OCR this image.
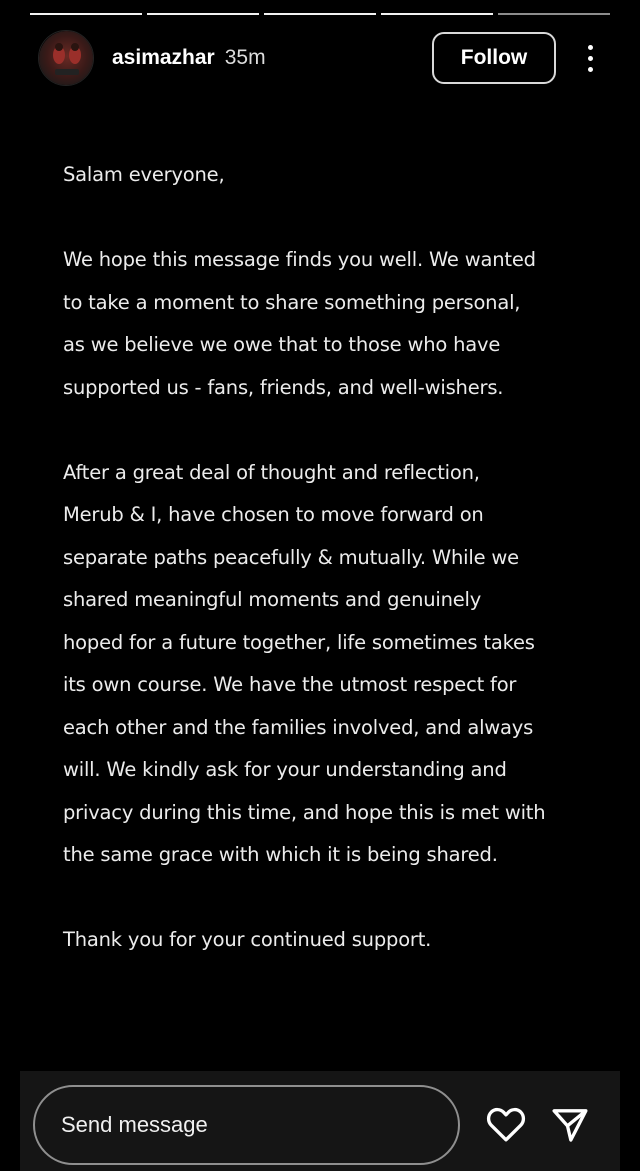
asimazhar 35m	Follow

Salam everyone,

We hope this message finds you well. We wanted
to take a moment to share something personal,
as we believe we owe that to those who have
supported us - fans, friends, and well-wishers.

After a great deal of thought and reflection,
Merub & I, have chosen to move forward on
separate paths peacefully & mutually. While we
shared meaningful moments and genuinely
hoped for a future together, life sometimes takes
its own course. We have the utmost respect for
each other and the families involved, and always
will. We kindly ask for your understanding and
privacy during this time, and hope this is met with
the same grace with which it is being shared.

Thank you for your continued support.

Send message
